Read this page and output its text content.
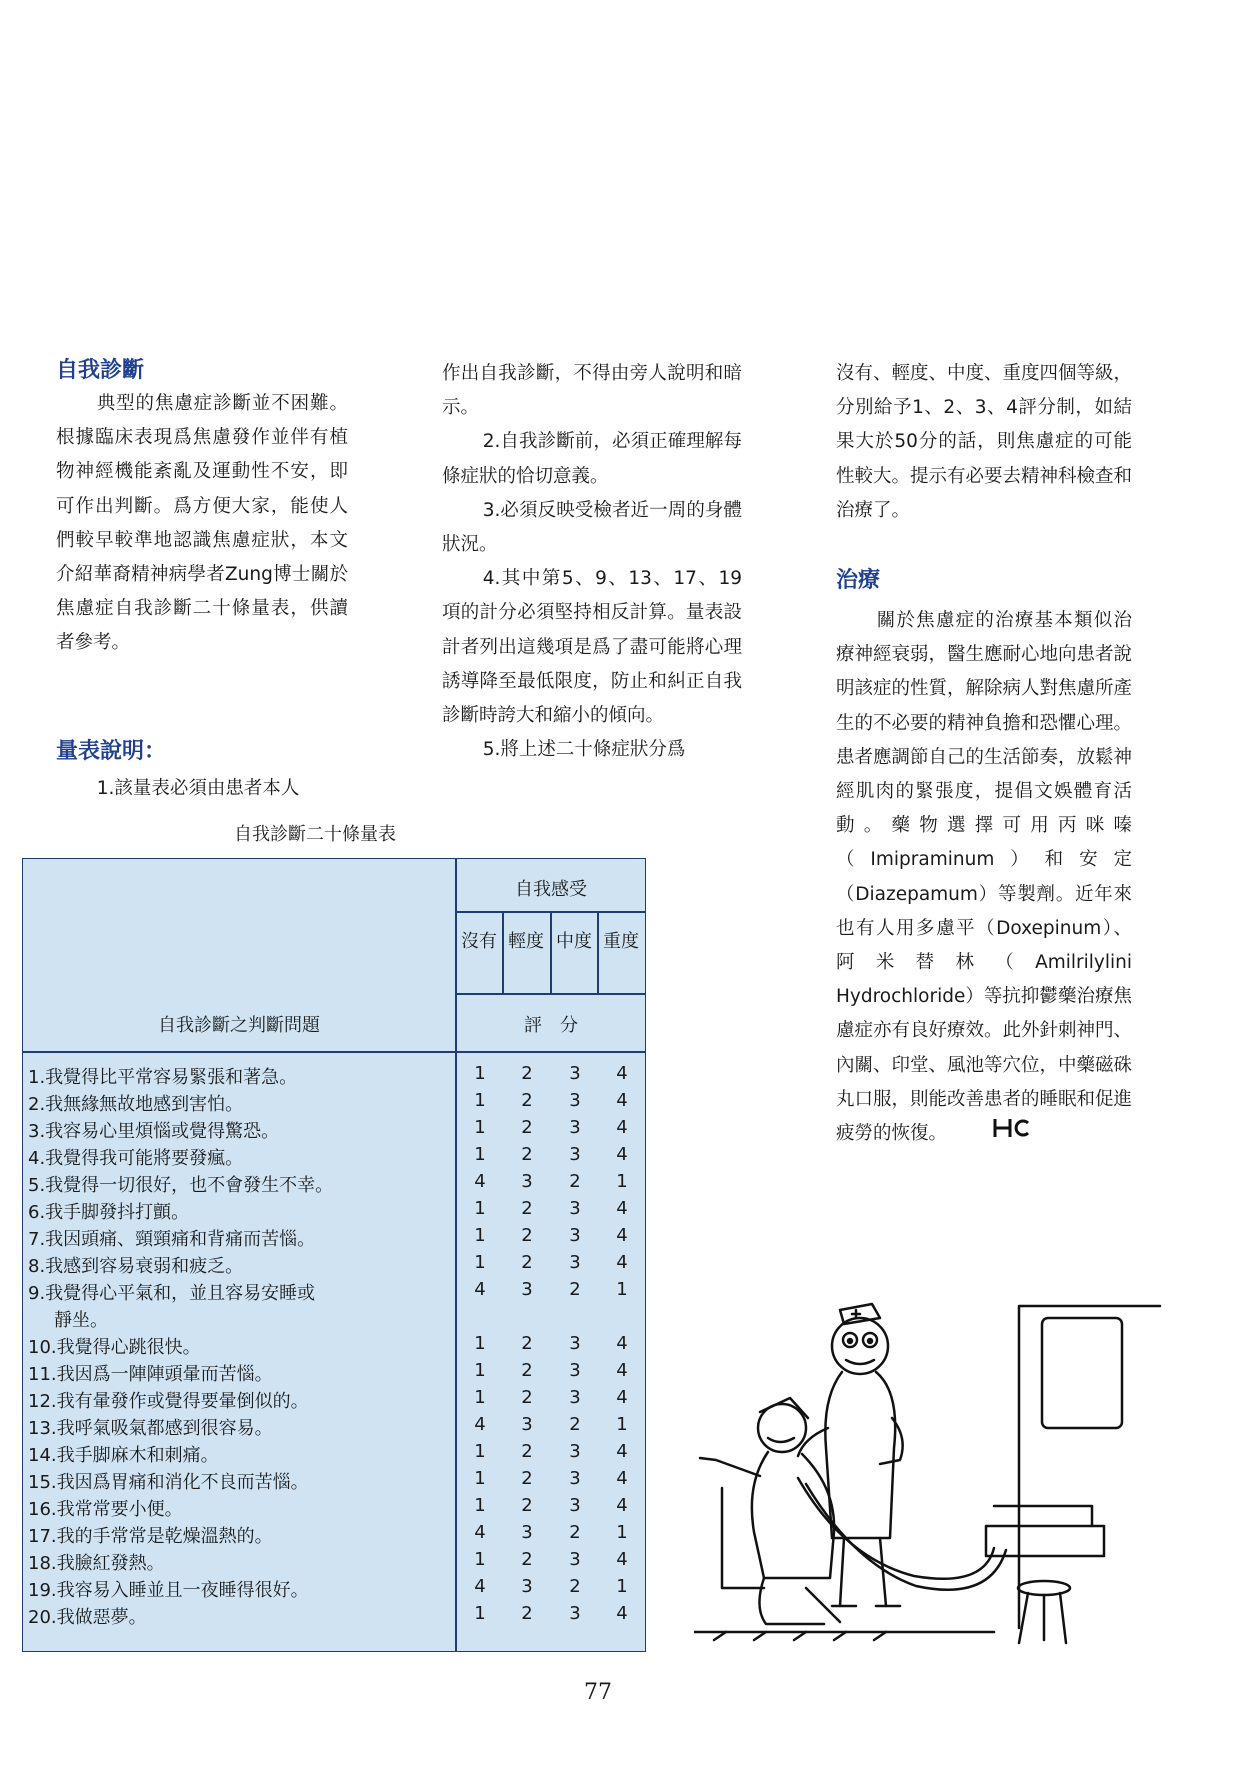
自我診斷

典型的焦慮症診斷並不困難。根據臨床表現爲焦慮發作並伴有植物神經機能紊亂及運動性不安，即可作出判斷。爲方便大家，能使人們較早較準地認識焦慮症狀，本文介紹華裔精神病學者Zung博士關於焦慮症自我診斷二十條量表，供讀者參考。

量表說明：

1.該量表必須由患者本人

作出自我診斷，不得由旁人說明和暗示。

2.自我診斷前，必須正確理解每條症狀的恰切意義。

3.必須反映受檢者近一周的身體狀況。

4.其中第5、9、13、17、19項的計分必須堅持相反計算。量表設計者列出這幾項是爲了盡可能將心理誘導降至最低限度，防止和糾正自我診斷時誇大和縮小的傾向。

5.將上述二十條症狀分爲

沒有、輕度、中度、重度四個等級，分別給予1、2、3、4評分制，如結果大於50分的話，則焦慮症的可能性較大。提示有必要去精神科檢查和治療了。

治療

關於焦慮症的治療基本類似治療神經衰弱，醫生應耐心地向患者說明該症的性質，解除病人對焦慮所產生的不必要的精神負擔和恐懼心理。患者應調節自己的生活節奏，放鬆神經肌肉的緊張度，提倡文娛體育活動。藥物選擇可用丙咪嗪（Imipraminum）和安定（Diazepamum）等製劑。近年來也有人用多慮平（Doxepinum）、阿米替林（Amilrilylini Hydrochloride）等抗抑鬱藥治療焦慮症亦有良好療效。此外針刺神門、內關、印堂、風池等穴位，中藥磁硃丸口服，則能改善患者的睡眠和促進疲勞的恢復。

自我診斷二十條量表
自我感受
沒有 輕度 中度 重度
自我診斷之判斷問題	評　分
1.我覺得比平常容易緊張和著急。	1	2	3	4
2.我無緣無故地感到害怕。	1	2	3	4
3.我容易心里煩惱或覺得驚恐。	1	2	3	4
4.我覺得我可能將要發瘋。	1	2	3	4
5.我覺得一切很好，也不會發生不幸。	4	3	2	1
6.我手脚發抖打顫。	1	2	3	4
7.我因頭痛、頸頸痛和背痛而苦惱。	1	2	3	4
8.我感到容易衰弱和疲乏。	1	2	3	4
9.我覺得心平氣和，並且容易安睡或	4	3	2	1
靜坐。
10.我覺得心跳很快。	1	2	3	4
11.我因爲一陣陣頭暈而苦惱。	1	2	3	4
12.我有暈發作或覺得要暈倒似的。	1	2	3	4
13.我呼氣吸氣都感到很容易。	4	3	2	1
14.我手脚麻木和刺痛。	1	2	3	4
15.我因爲胃痛和消化不良而苦惱。	1	2	3	4
16.我常常要小便。	1	2	3	4
17.我的手常常是乾燥溫熱的。	4	3	2	1
18.我臉紅發熱。	1	2	3	4
19.我容易入睡並且一夜睡得很好。	4	3	2	1
20.我做惡夢。	1	2	3	4
77
